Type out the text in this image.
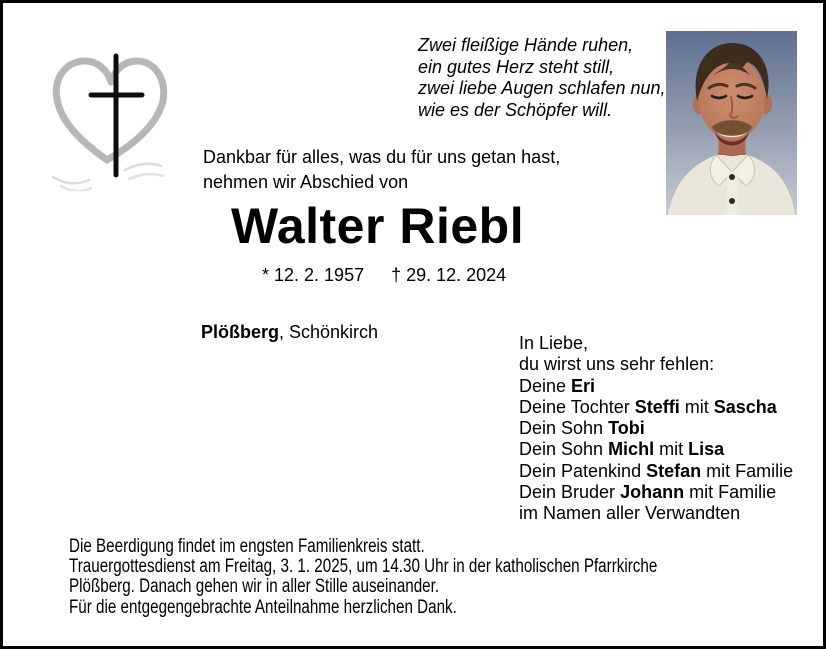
Zwei fleißige Hände ruhen,
ein gutes Herz steht still,
zwei liebe Augen schlafen nun,
wie es der Schöpfer will.
Dankbar für alles, was du für uns getan hast,
nehmen wir Abschied von
Walter Riebl
* 12. 2. 1957 † 29. 12. 2024
Plößberg, Schönkirch
In Liebe,
du wirst uns sehr fehlen:
Deine Eri
Deine Tochter Steffi mit Sascha
Dein Sohn Tobi
Dein Sohn Michl mit Lisa
Dein Patenkind Stefan mit Familie
Dein Bruder Johann mit Familie
im Namen aller Verwandten
Die Beerdigung findet im engsten Familienkreis statt.
Trauergottesdienst am Freitag, 3. 1. 2025, um 14.30 Uhr in der katholischen Pfarrkirche
Plößberg. Danach gehen wir in aller Stille auseinander.
Für die entgegengebrachte Anteilnahme herzlichen Dank.
